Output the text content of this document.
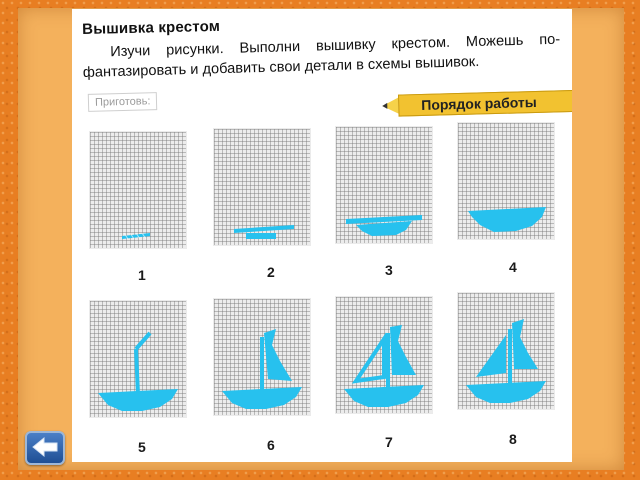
Вышивка крестом
Изучи рисунки. Выполни вышивку крестом. Можешь по-фантазировать и добавить свои детали в схемы вышивок.
Приготовь:	Порядок работы
1	2	3	4
5	6	7	8
